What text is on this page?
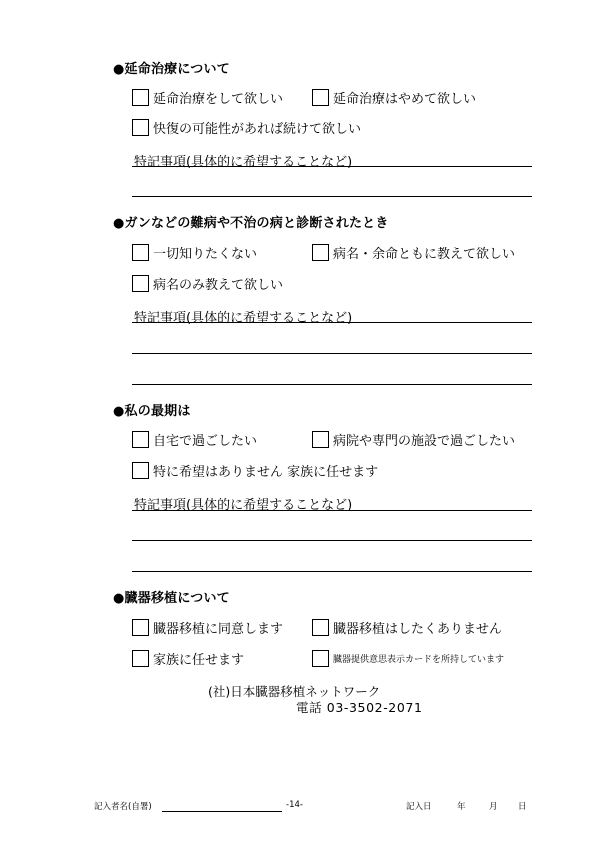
●延命治療について
延命治療をして欲しい	延命治療はやめて欲しい
快復の可能性があれば続けて欲しい
特記事項(具体的に希望することなど)
●ガンなどの難病や不治の病と診断されたとき
一切知りたくない	病名・余命ともに教えて欲しい
病名のみ教えて欲しい
特記事項(具体的に希望することなど)
●私の最期は
自宅で過ごしたい	病院や専門の施設で過ごしたい
特に希望はありません 家族に任せます
特記事項(具体的に希望することなど)
●臓器移植について
臓器移植に同意します	臓器移植はしたくありません
家族に任せます	臓器提供意思表示カードを所持しています
(社)日本臓器移植ネットワーク
電話 03-3502-2071
記入者名(自署)	-14-	記入日	年	月 日
